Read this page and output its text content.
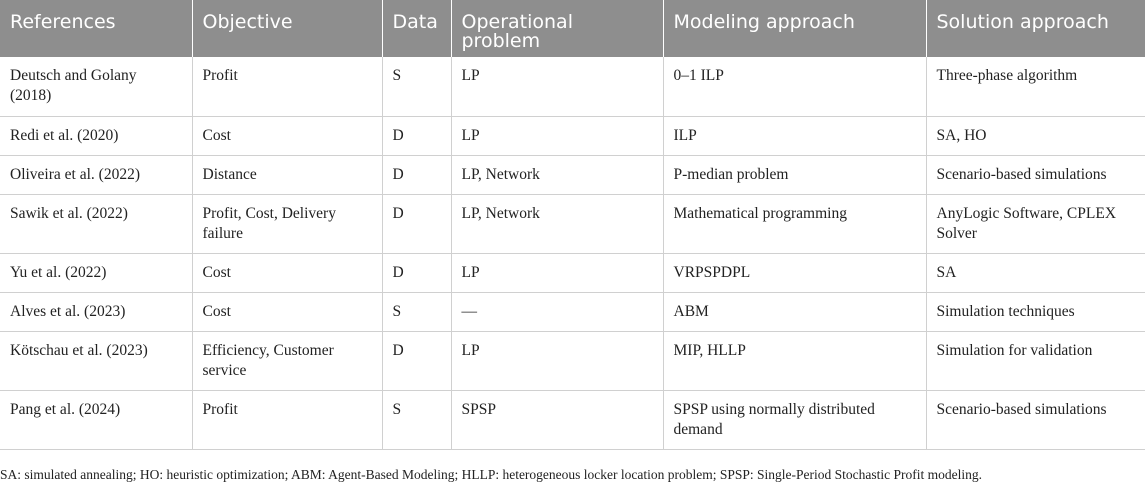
References	Objective	Data	Operational problem	Modeling approach	Solution approach
Deutsch and Golany (2018)	Profit	S	LP	0–1 ILP	Three-phase algorithm
Redi et al. (2020)	Cost	D	LP	ILP	SA, HO
Oliveira et al. (2022)	Distance	D	LP, Network	P-median problem	Scenario-based simulations
Sawik et al. (2022)	Profit, Cost, Delivery failure	D	LP, Network	Mathematical programming	AnyLogic Software, CPLEX Solver
Yu et al. (2022)	Cost	D	LP	VRPSPDPL	SA
Alves et al. (2023)	Cost	S	—	ABM	Simulation techniques
Kötschau et al. (2023)	Efficiency, Customer service	D	LP	MIP, HLLP	Simulation for validation
Pang et al. (2024)	Profit	S	SPSP	SPSP using normally distributed demand	Scenario-based simulations

SA: simulated annealing; HO: heuristic optimization; ABM: Agent-Based Modeling; HLLP: heterogeneous locker location problem; SPSP: Single-Period Stochastic Profit modeling.
